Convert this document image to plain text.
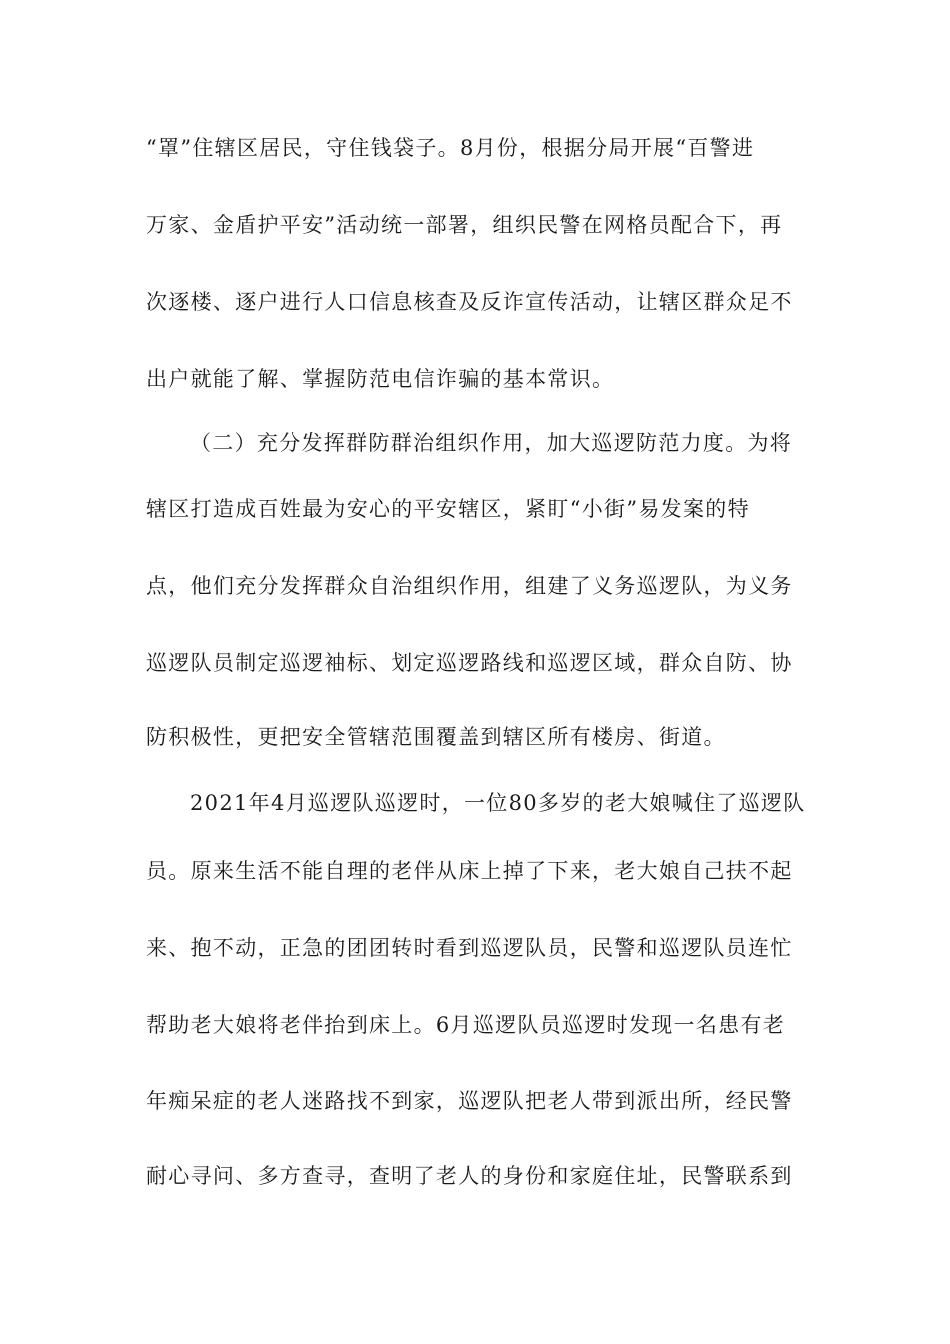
“罩”住辖区居民，守住钱袋子。8月份，根据分局开展“百警进
万家、金盾护平安”活动统一部署，组织民警在网格员配合下，再
次逐楼、逐户进行人口信息核查及反诈宣传活动，让辖区群众足不
出户就能了解、掌握防范电信诈骗的基本常识。
（二）充分发挥群防群治组织作用，加大巡逻防范力度。为将
辖区打造成百姓最为安心的平安辖区，紧盯“小街”易发案的特
点，他们充分发挥群众自治组织作用，组建了义务巡逻队，为义务
巡逻队员制定巡逻袖标、划定巡逻路线和巡逻区域，群众自防、协
防积极性，更把安全管辖范围覆盖到辖区所有楼房、街道。
2021年4月巡逻队巡逻时，一位80多岁的老大娘喊住了巡逻队
员。原来生活不能自理的老伴从床上掉了下来，老大娘自己扶不起
来、抱不动，正急的团团转时看到巡逻队员，民警和巡逻队员连忙
帮助老大娘将老伴抬到床上。6月巡逻队员巡逻时发现一名患有老
年痴呆症的老人迷路找不到家，巡逻队把老人带到派出所，经民警
耐心寻问、多方查寻，查明了老人的身份和家庭住址，民警联系到
